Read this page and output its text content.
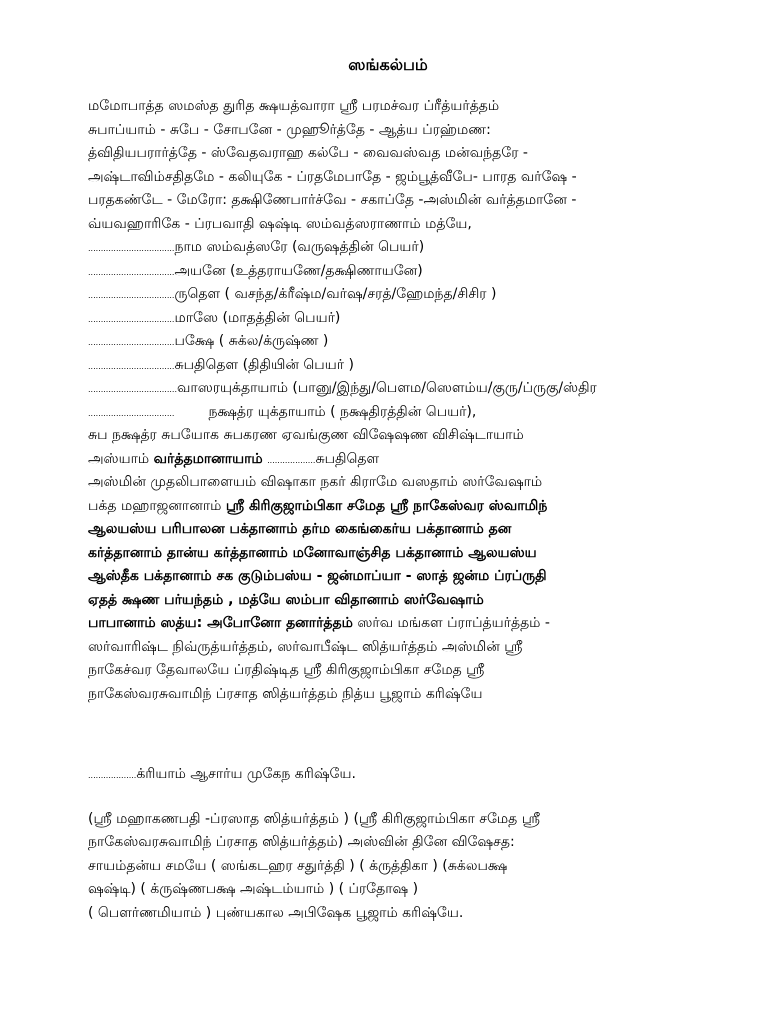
ஸங்கல்பம்
மமோபாத்த ஸமஸ்த துரித க்ஷயத்வாரா ஸ்ரீ பரமச்வர ப்ரீத்யர்த்தம்
சுபாப்யாம் - சுபே - சோபனே - முஹூர்த்தே - ஆத்ய ப்ரஹ்மண:
த்விதியபரார்த்தே - ஸ்வேதவராஹ கல்பே - வைவஸ்வத மன்வந்தரே -
அஷ்டாவிம்சதிதமே - கலியுகே - ப்ரதமேபாதே - ஜம்பூத்வீபே- பாரத வர்ஷே -
பரதகண்டே - மேரோ: தக்ஷிணேபார்ச்வே - சகாப்தே -அஸ்மின் வர்த்தமானே -
வ்யவஹாரிகே - ப்ரபவாதி ஷஷ்டி ஸம்வத்ஸராணாம் மத்யே,
..................................நாம ஸம்வத்ஸரே (வருஷத்தின் பெயர்)
..................................அயனே (உத்தராயணே/தக்ஷிணாயனே)
..................................ருதௌ ( வசந்த/க்ரீஷ்ம/வர்ஷ/சரத்/ஹேமந்த/சிசிர )
..................................மாஸே (மாதத்தின் பெயர்)
..................................பக்ஷே ( சுக்ல/க்ருஷ்ண )
..................................சுபதிதௌ (திதியின் பெயர் )
...................................வாஸரயுக்தாயாம் (பானு/இந்து/பௌம/ஸௌம்ய/குரு/ப்ருகு/ஸ்திர
.................................. நக்ஷத்ர யுக்தாயாம் ( நக்ஷதிரத்தின் பெயர்),
சுப நக்ஷத்ர சுபயோக சுபகரண ஏவங்குண விஷேஷண விசிஷ்டாயாம்
அஸ்யாம் வர்த்தமானாயாம் ...................சுபதிதௌ
அஸ்மின் முதலிபாளையம் விஷாகா நகர் கிராமே வஸதாம் ஸர்வேஷாம்
பக்த மஹாஜனானாம் ஸ்ரீ கிரிகுஜாம்பிகா சமேத ஸ்ரீ நாகேஸ்வர ஸ்வாமிந்
ஆலயஸ்ய பரிபாலன பக்தானாம் தர்ம கைங்கைர்ய பக்தானாம் தன
கர்த்தானாம் தான்ய கர்த்தானாம் மனோவாஞ்சித பக்தானாம் ஆலயஸ்ய
ஆஸ்தீக பக்தானாம் சக குடும்பஸ்ய - ஜன்மாப்யா - ஸாத் ஜன்ம ப்ரப்ருதி
ஏதத் க்ஷண பர்யந்தம் , மத்யே ஸம்பா விதானாம் ஸர்வேஷாம்
பாபானாம் ஸத்ய: அபோனோ தனார்த்தம் ஸர்வ மங்கள ப்ராப்த்யர்த்தம் -
ஸர்வாரிஷ்ட நிவ்ருத்யர்த்தம், ஸர்வாபீஷ்ட ஸித்யர்த்தம் அஸ்மின் ஸ்ரீ
நாகேச்வர தேவாலயே ப்ரதிஷ்டித ஸ்ரீ கிரிகுஜாம்பிகா சமேத ஸ்ரீ
நாகேஸ்வரசுவாமிந் ப்ரசாத ஸித்யர்த்தம் நித்ய பூஜாம் கரிஷ்யே
...................க்ரியாம் ஆசார்ய முகேந கரிஷ்யே.
(ஸ்ரீ மஹாகணபதி -ப்ரஸாத ஸித்யர்த்தம் ) (ஸ்ரீ கிரிகுஜாம்பிகா சமேத ஸ்ரீ
நாகேஸ்வரசுவாமிந் ப்ரசாத ஸித்யர்த்தம்) அஸ்வின் தினே விஷேசத:
சாயம்தன்ய சமயே ( ஸங்கடஹர சதுர்த்தி ) ( க்ருத்திகா ) (சுக்லபக்ஷ
ஷஷ்டி) ( க்ருஷ்ணபக்ஷ அஷ்டம்யாம் ) ( ப்ரதோஷ )
( பௌர்ணமியாம் ) புண்யகால அபிஷேக பூஜாம் கரிஷ்யே.
